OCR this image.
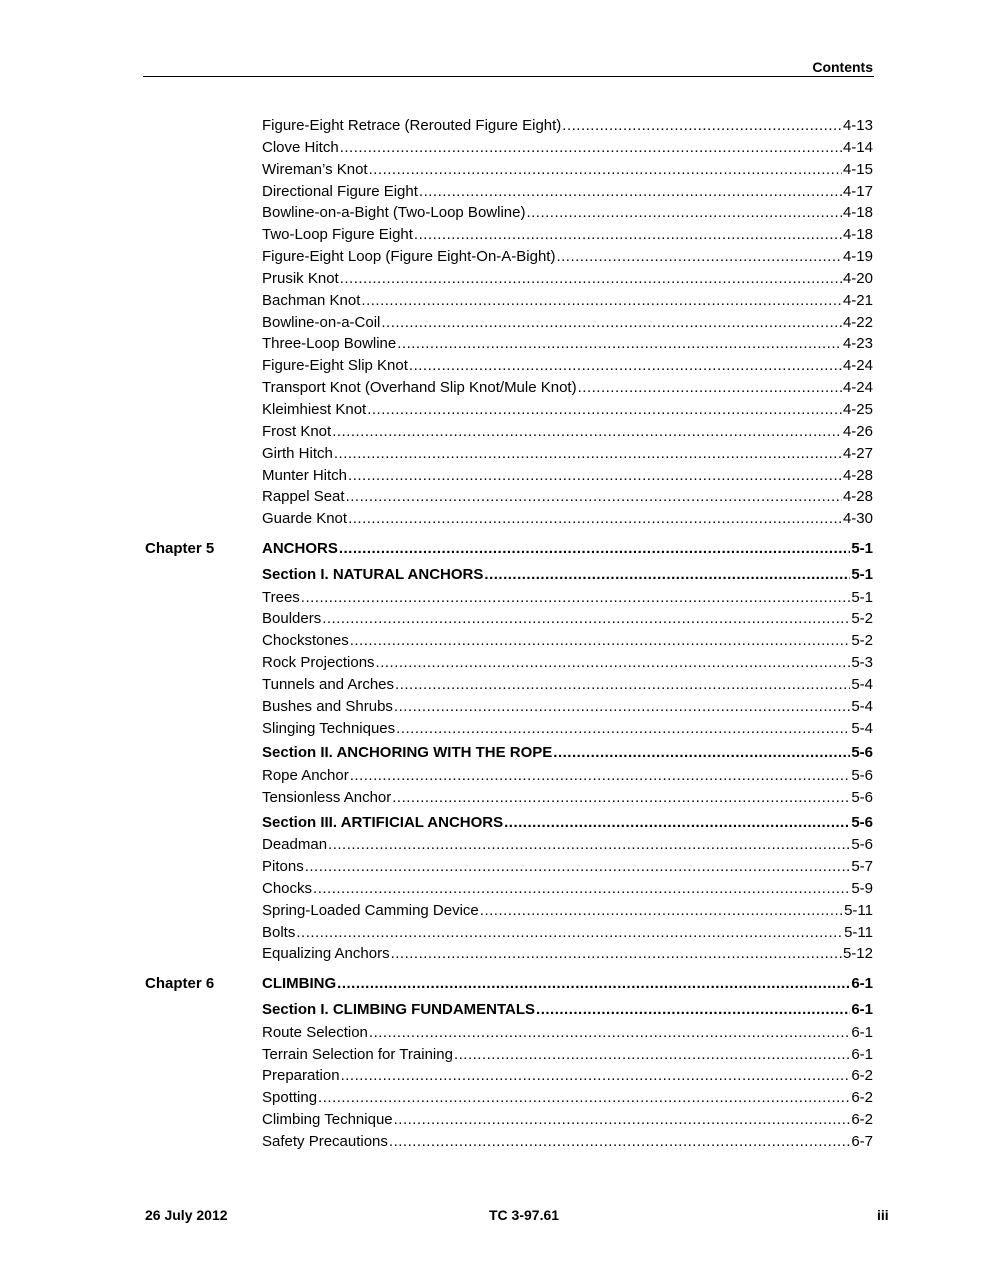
Contents
Figure-Eight Retrace (Rerouted Figure Eight) .....	4-13
Clove Hitch .....	4-14
Wireman’s Knot .....	4-15
Directional Figure Eight .....	4-17
Bowline-on-a-Bight (Two-Loop Bowline) .....	4-18
Two-Loop Figure Eight .....	4-18
Figure-Eight Loop (Figure Eight-On-A-Bight) .....	4-19
Prusik Knot .....	4-20
Bachman Knot .....	4-21
Bowline-on-a-Coil .....	4-22
Three-Loop Bowline .....	4-23
Figure-Eight Slip Knot .....	4-24
Transport Knot (Overhand Slip Knot/Mule Knot) .....	4-24
Kleimhiest Knot .....	4-25
Frost Knot .....	4-26
Girth Hitch .....	4-27
Munter Hitch .....	4-28
Rappel Seat .....	4-28
Guarde Knot .....	4-30
Chapter 5	ANCHORS .....	5-1
Section I. NATURAL ANCHORS .....	5-1
Trees .....	5-1
Boulders .....	5-2
Chockstones .....	5-2
Rock Projections .....	5-3
Tunnels and Arches .....	5-4
Bushes and Shrubs .....	5-4
Slinging Techniques .....	5-4
Section II. ANCHORING WITH THE ROPE .....	5-6
Rope Anchor .....	5-6
Tensionless Anchor .....	5-6
Section III. ARTIFICIAL ANCHORS .....	5-6
Deadman .....	5-6
Pitons .....	5-7
Chocks .....	5-9
Spring-Loaded Camming Device .....	5-11
Bolts .....	5-11
Equalizing Anchors .....	5-12
Chapter 6	CLIMBING .....	6-1
Section I. CLIMBING FUNDAMENTALS .....	6-1
Route Selection .....	6-1
Terrain Selection for Training .....	6-1
Preparation .....	6-2
Spotting .....	6-2
Climbing Technique .....	6-2
Safety Precautions .....	6-7
26 July 2012	TC 3-97.61	iii
